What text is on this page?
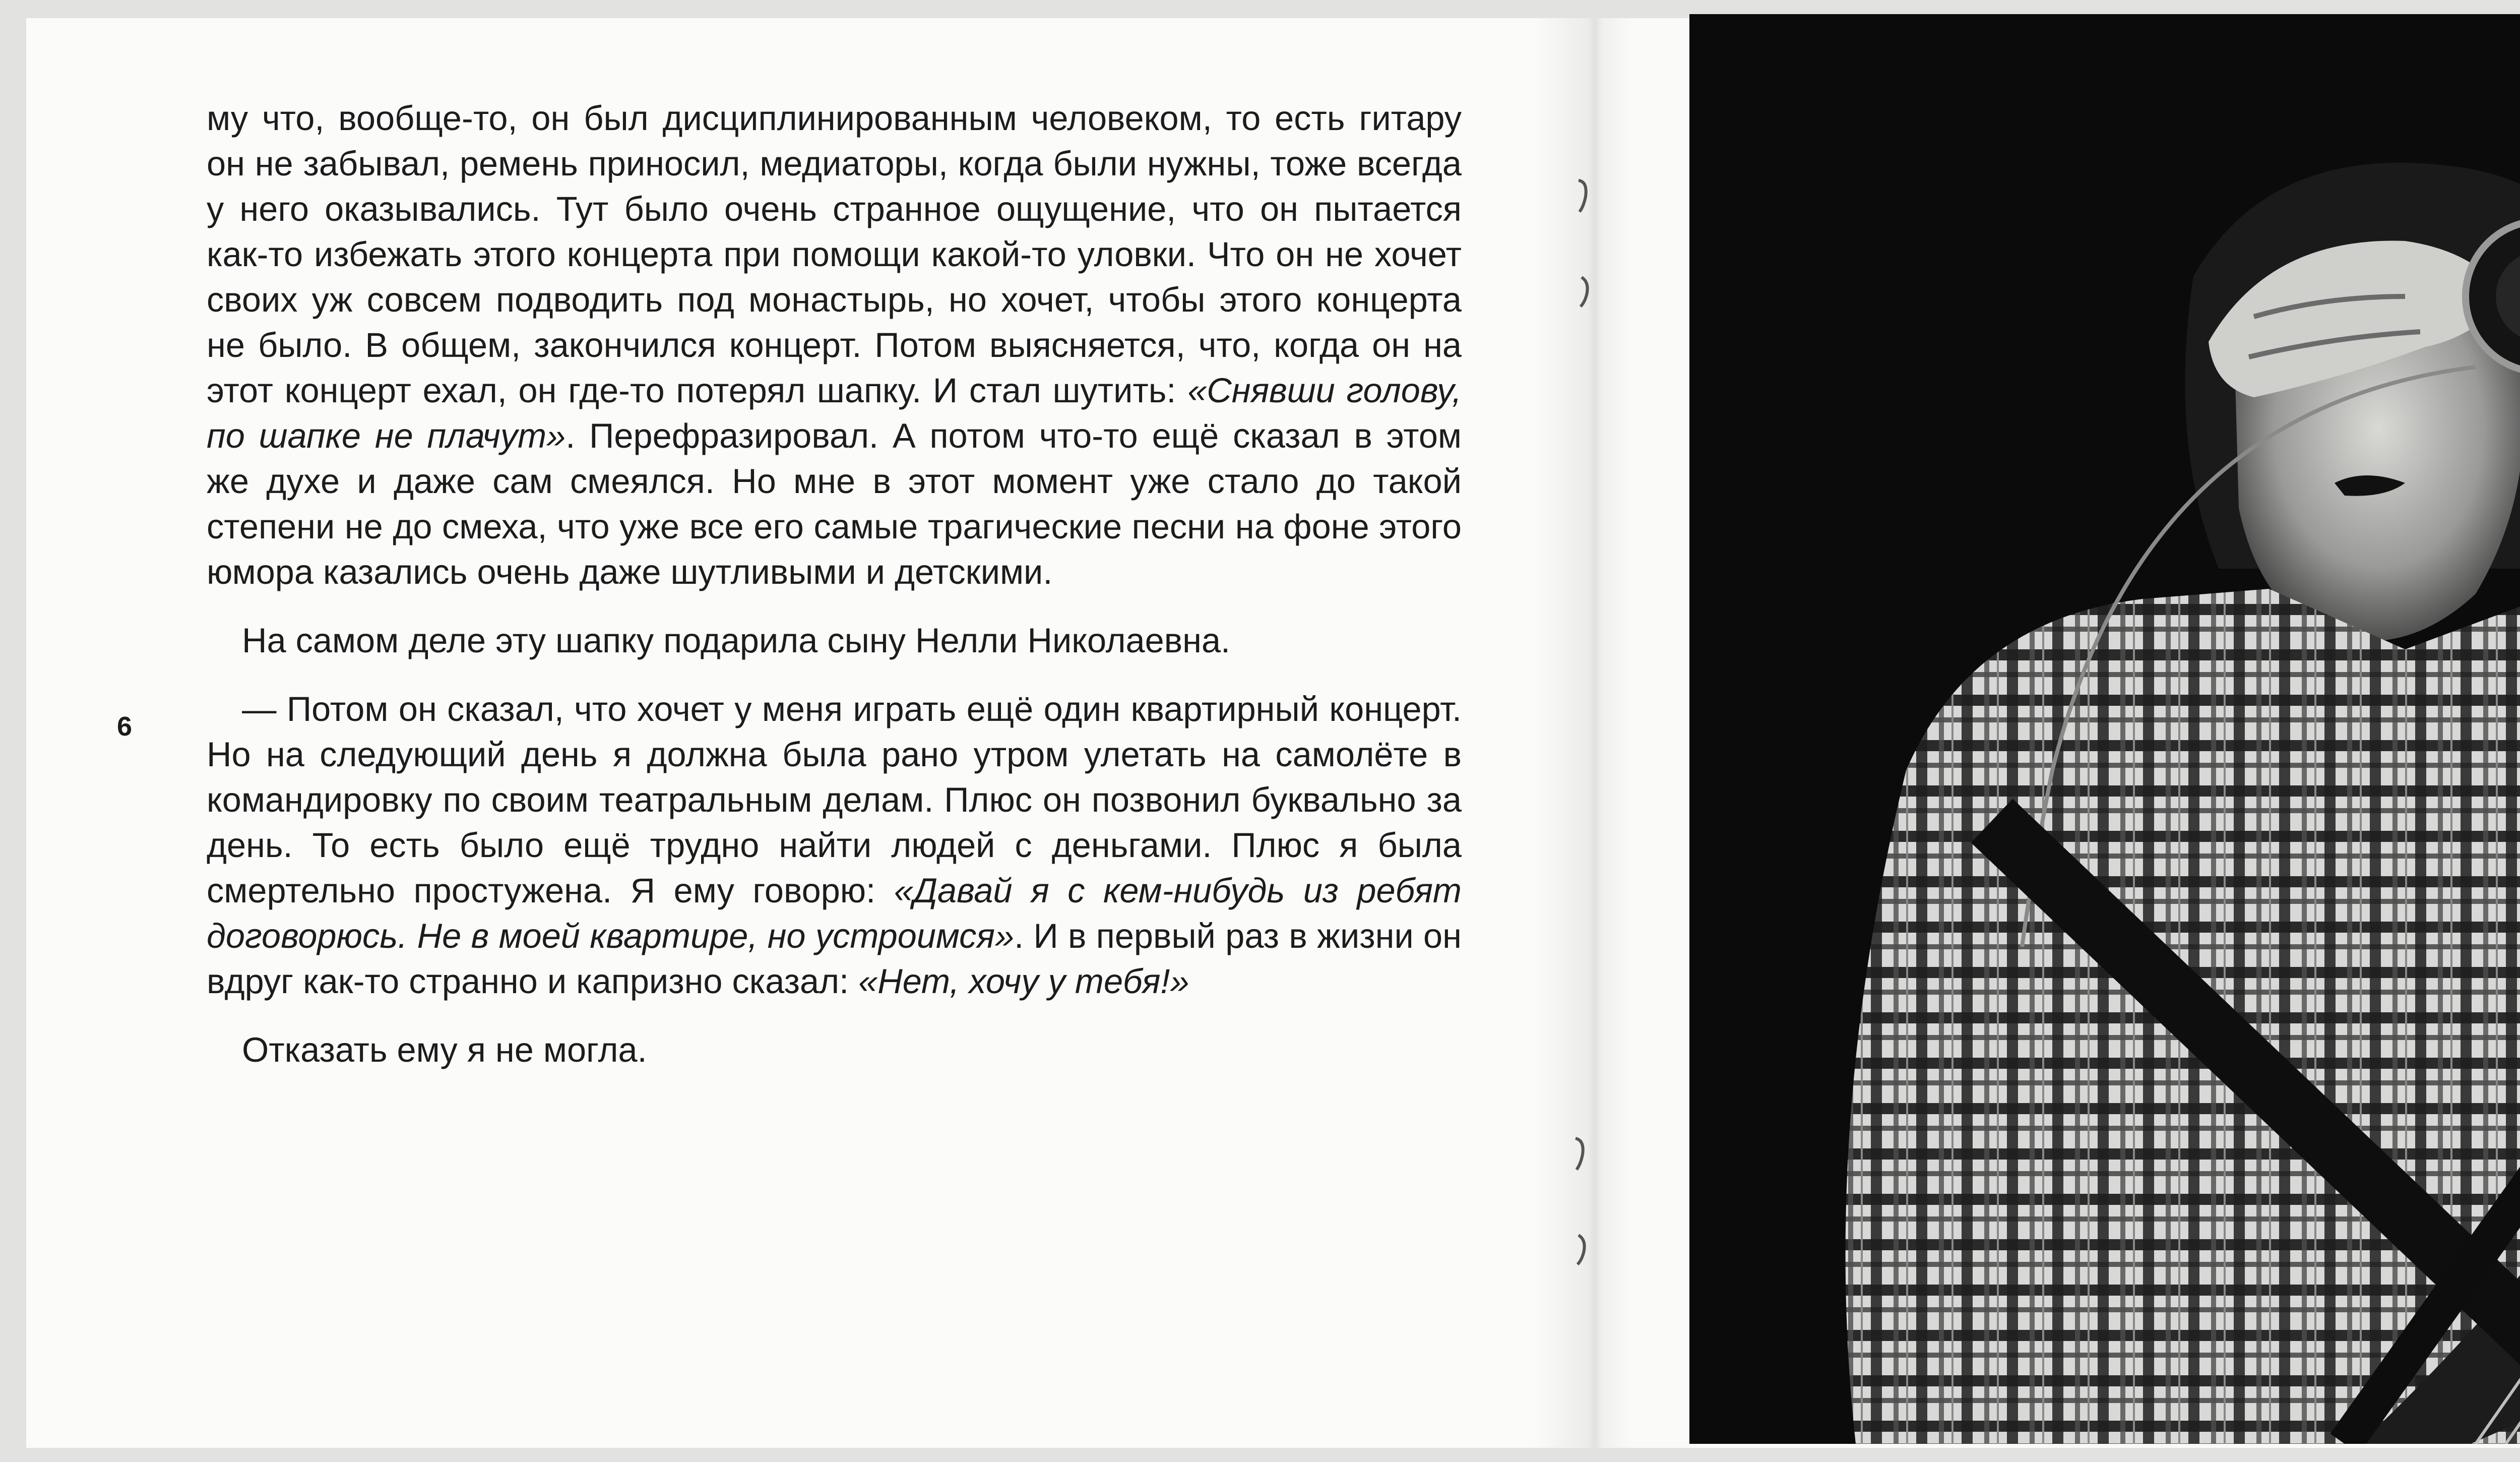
му что, вообще-то, он был дисциплинированным человеком, то есть гитару он не забывал, ремень приносил, медиаторы, когда были нужны, тоже всегда у него оказывались. Тут было очень странное ощущение, что он пытается как-то избежать этого концерта при помощи какой-то уловки. Что он не хочет своих уж совсем подводить под монастырь, но хочет, чтобы этого концерта не было. В общем, закончился концерт. Потом выясняется, что, когда он на этот концерт ехал, он где-то потерял шапку. И стал шутить: «Снявши голову, по шапке не плачут». Перефразировал. А потом что-то ещё сказал в этом же духе и даже сам смеялся. Но мне в этот момент уже стало до такой степени не до смеха, что уже все его самые трагические песни на фоне этого юмора казались очень даже шутливыми и детскими.

На самом деле эту шапку подарила сыну Нелли Николаевна.

— Потом он сказал, что хочет у меня играть ещё один квартирный концерт. Но на следующий день я должна была рано утром улетать на самолёте в командировку по своим театральным делам. Плюс он позвонил буквально за день. То есть было ещё трудно найти людей с деньгами. Плюс я была смертельно простужена. Я ему говорю: «Давай я с кем-нибудь из ребят договорюсь. Не в моей квартире, но устроимся». И в первый раз в жизни он вдруг как-то странно и капризно сказал: «Нет, хочу у тебя!»

Отказать ему я не могла.

6
